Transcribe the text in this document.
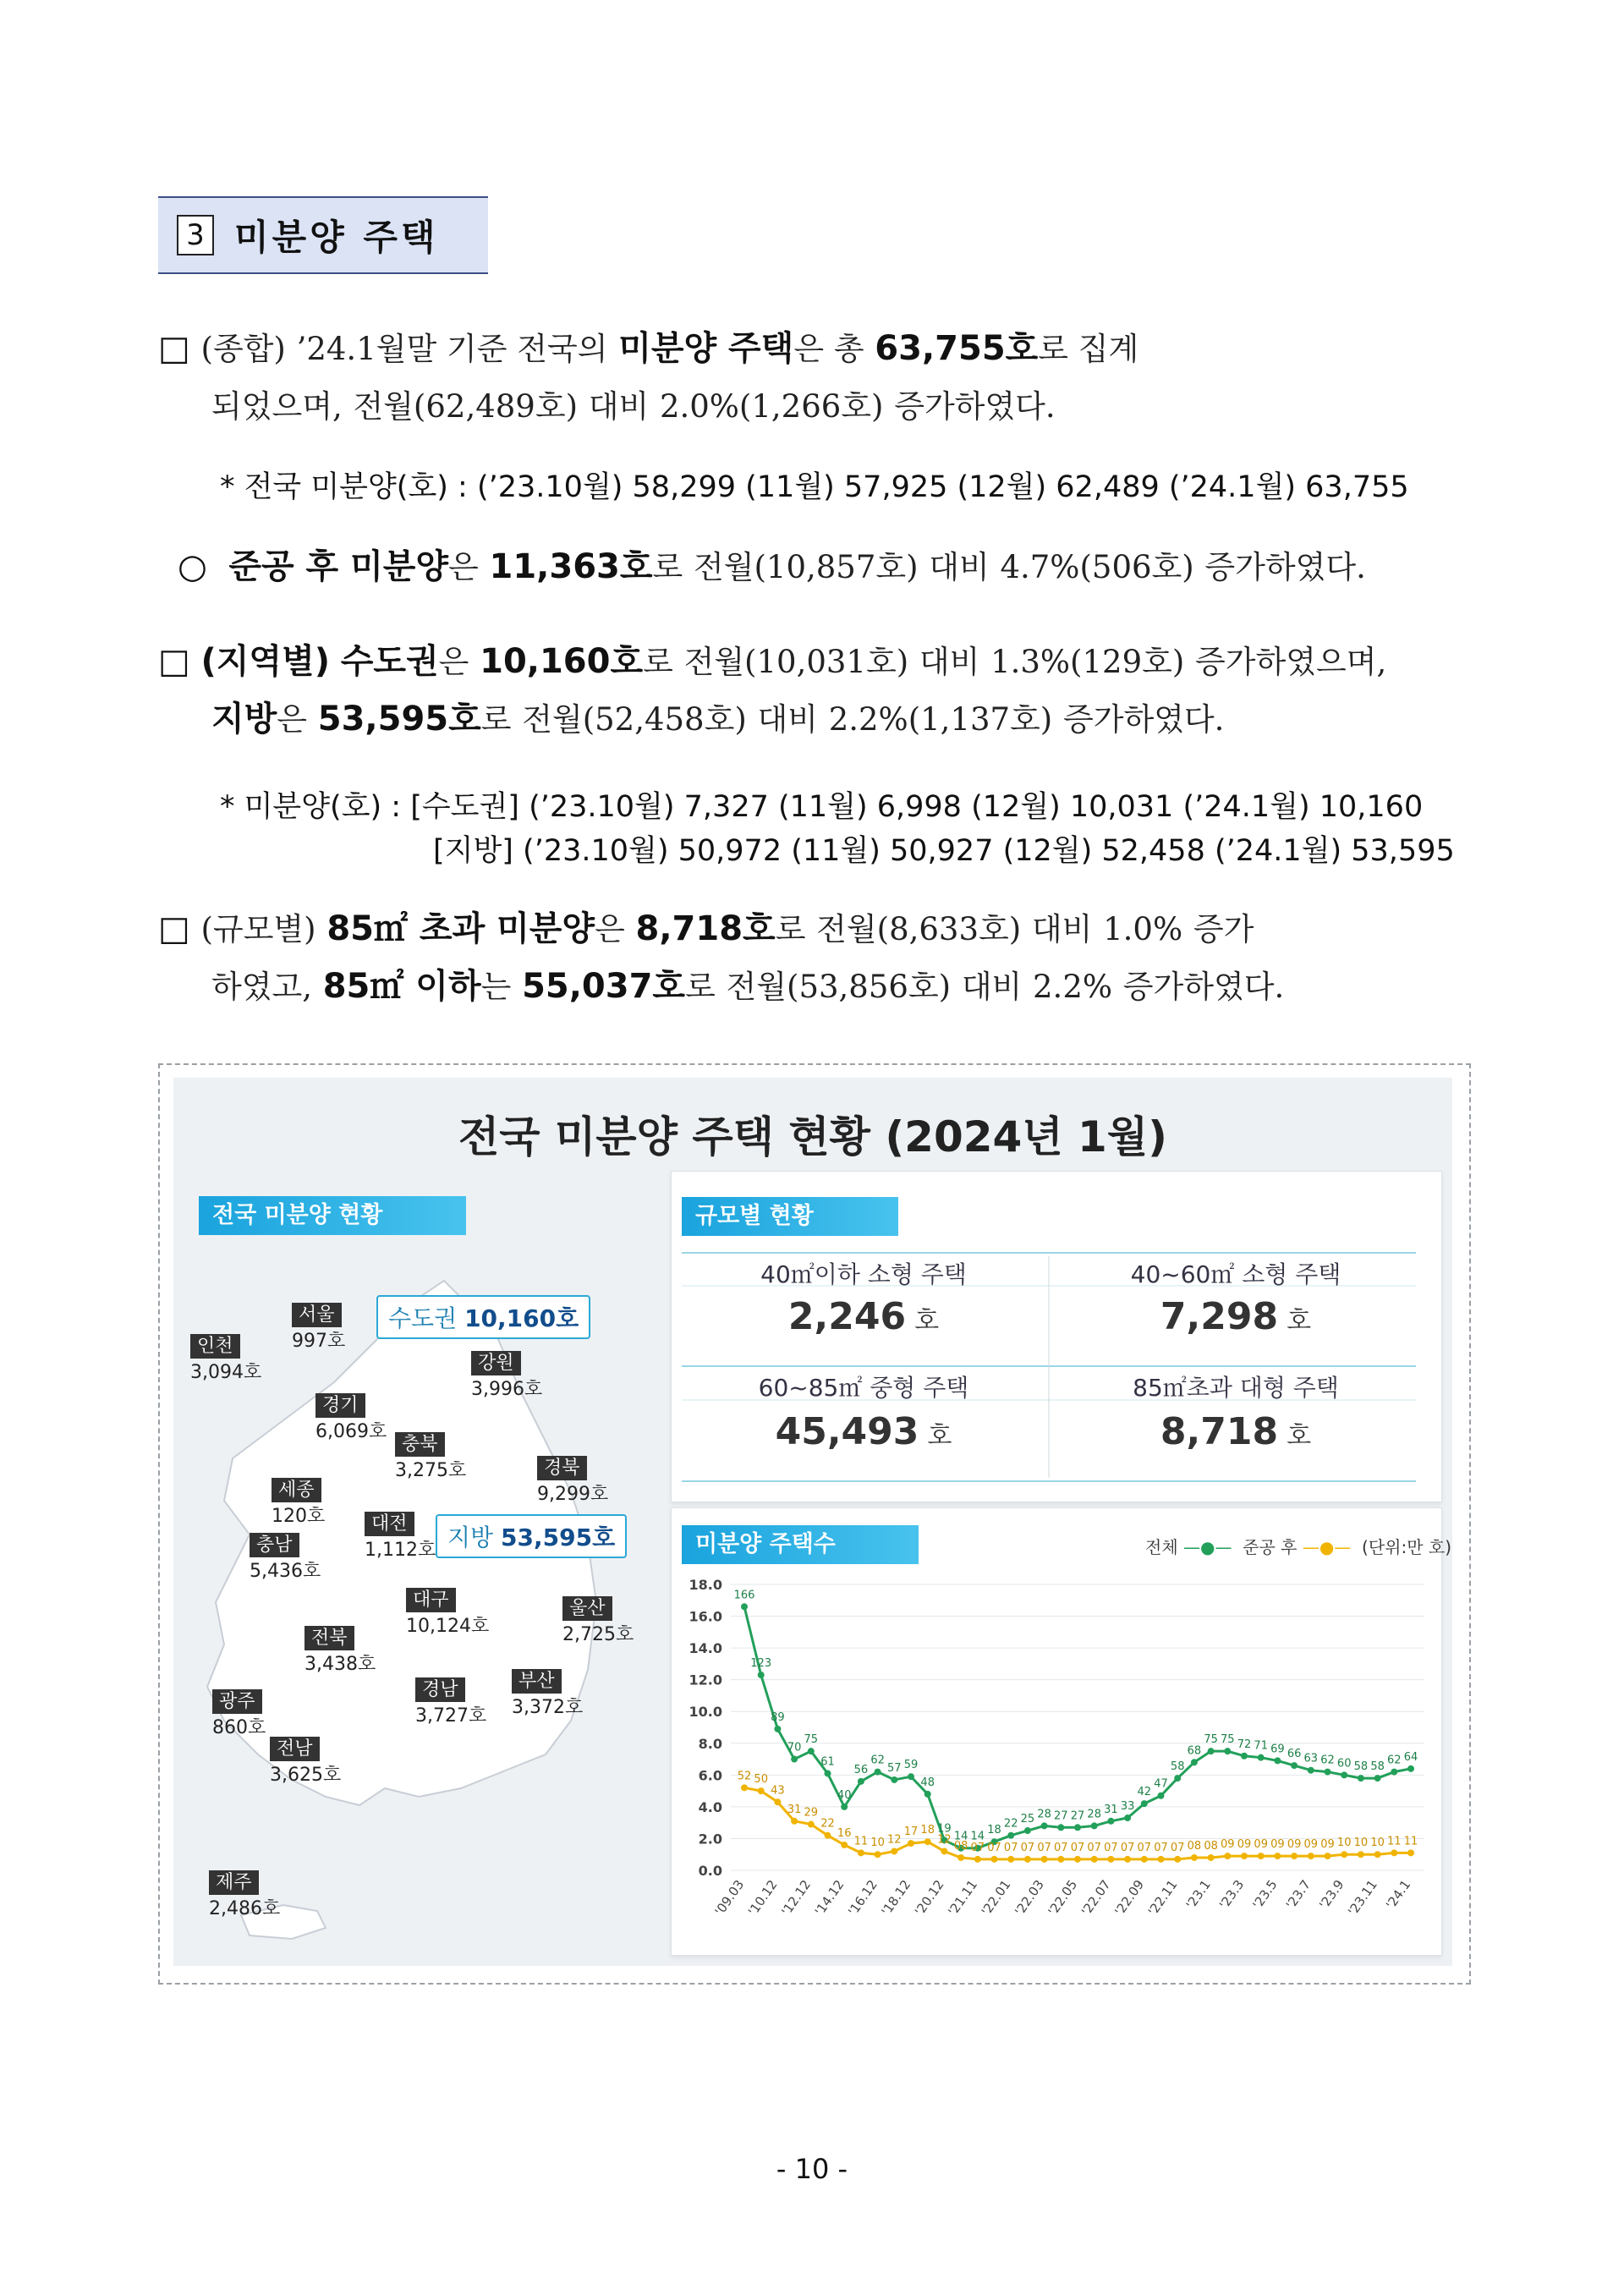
3 미분양 주택
□ (종합) ’24.1월말 기준 전국의 미분양 주택은 총 63,755호로 집계
되었으며, 전월(62,489호) 대비 2.0%(1,266호) 증가하였다.
* 전국 미분양(호) : (’23.10월) 58,299 (11월) 57,925 (12월) 62,489 (’24.1월) 63,755
○ 준공 후 미분양은 11,363호로 전월(10,857호) 대비 4.7%(506호) 증가하였다.
□ (지역별) 수도권은 10,160호로 전월(10,031호) 대비 1.3%(129호) 증가하였으며,
지방은 53,595호로 전월(52,458호) 대비 2.2%(1,137호) 증가하였다.
* 미분양(호) : [수도권] (’23.10월) 7,327 (11월) 6,998 (12월) 10,031 (’24.1월) 10,160
[지방] (’23.10월) 50,972 (11월) 50,927 (12월) 52,458 (’24.1월) 53,595
□ (규모별) 85㎡ 초과 미분양은 8,718호로 전월(8,633호) 대비 1.0% 증가
하였고, 85㎡ 이하는 55,037호로 전월(53,856호) 대비 2.2% 증가하였다.
전국 미분양 주택 현황 (2024년 1월)
전국 미분양 현황
수도권 10,160호
지방 53,595호
서울
997호
인천
3,094호	강원
3,996호
경기
6,069호
충북
3,275호	경북
9,299호
세종
120호	대전
1,112호
충남
5,436호
대구
10,124호
울산
2,725호
전북
3,438호
경남
3,727호
부산
3,372호
광주
860호
전남
3,625호
제주
2,486호
규모별 현황
40㎡이하 소형 주택
2,246 호
40~60㎡ 소형 주택
7,298 호
60~85㎡ 중형 주택
45,493 호
85㎡초과 대형 주택
8,718 호
미분양 주택수	전체 —●— 준공 후 —●— (단위:만 호)
0.0
2.0
4.0
6.0
8.0
10.0
12.0
14.0
16.0
18.0
'09.03
'10.12
'12.12
'14.12
'16.12
'18.12
'20.12
'21.11
'22.01
'22.03
'22.05
'22.07
'22.09
'22.11 '23.1 '23.3 '23.5 '23.7 '23.9
'23.11 '24.1
166
123
89
70
75
61
40
56
62
57 59
48
19
14 14
18
22 25 28 27 27 28 31 33
42
47
58
68
75 75 72 71 69 66 63 62 60 58 58
62 64
52 50
43
31 29
22
16
11 10 12
17 18
12
08 07 07 07 07 07 07 07 07 07 07 07 07 07 08 08 09 09 09 09 09 09 09 10 10 10 11 11
- 10 -
